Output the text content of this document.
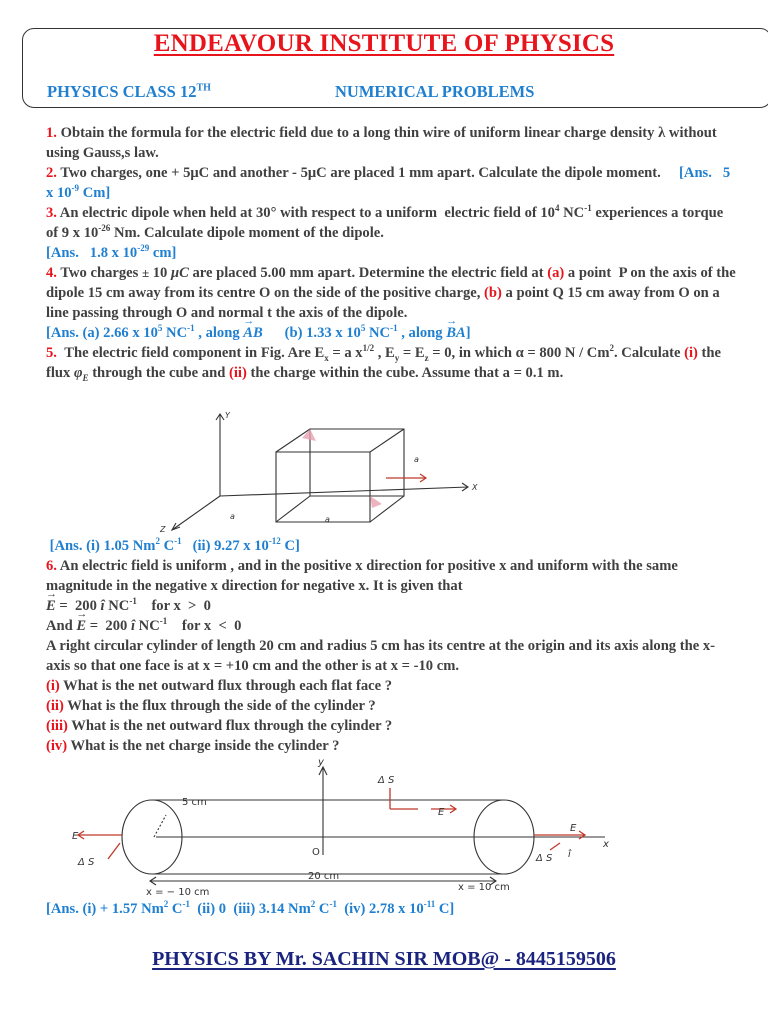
ENDEAVOUR INSTITUTE OF PHYSICS
PHYSICS CLASS 12TH	NUMERICAL PROBLEMS

1. Obtain the formula for the electric field due to a long thin wire of uniform linear charge density λ without using Gauss,s law.

2. Two charges, one + 5μC and another - 5μC are placed 1 mm apart. Calculate the dipole moment.     [Ans.   5 x $10^{-9}$ Cm]

3. An electric dipole when held at 30° with respect to a uniform  electric field of $10^4$ $NC^{-1}$ experiences a torque of 9 x $10^{-26}$ Nm. Calculate dipole moment of the dipole.
[Ans.   1.8 x $10^{-29}$ cm]

4. Two charges ± 10 μC are placed 5.00 mm apart. Determine the electric field at (a) a point  P on the axis of the dipole 15 cm away from its centre O on the side of the positive charge, (b) a point Q 15 cm away from O on a line passing through O and normal t the axis of the dipole.
[Ans. (a) 2.66 x $10^5$ $NC^{-1}$ , along → AB      (b) 1.33 x $10^5$ $NC^{-1}$ , along → BA]

5.  The electric field component in Fig. Are $E_x = a$ $x^{1/2}$ , $E_y = E_z = 0$, in which α = 800 N / Cm$^2$. Calculate (i) the flux $\varphi_E$ through the cube and (ii) the charge within the cube. Assume that a = 0.1 m.

Y
X
Z
a	a
a

[Ans. (i) 1.05 Nm$^2$ $C^{-1}$   (ii) 9.27 x $10^{-12}$ C]

6. An electric field is uniform , and in the positive x direction for positive x and uniform with the same magnitude in the negative x direction for negative x. It is given that
→ E =  200 î $NC^{-1}$    for x  >  0
And → E =  200 î $NC^{-1}$    for x  <  0
A right circular cylinder of length 20 cm and radius 5 cm has its centre at the origin and its axis along the x-axis so that one face is at x = +10 cm and the other is at x = -10 cm.
(i) What is the net outward flux through each flat face ?
(ii) What is the flux through the side of the cylinder ?
(iii) What is the net outward flux through the cylinder ?
(iv) What is the net charge inside the cylinder ?

y
5 cm
20 cm
O
x = − 10 cm	x = 10 cm
x
E
E
E
Δ S
Δ S	Δ S î

[Ans. (i) + 1.57 Nm$^2$ $C^{-1}$  (ii) 0  (iii) 3.14 Nm$^2$ $C^{-1}$  (iv) 2.78 x $10^{-11}$ C]

PHYSICS BY Mr. SACHIN SIR MOB@ - 8445159506
